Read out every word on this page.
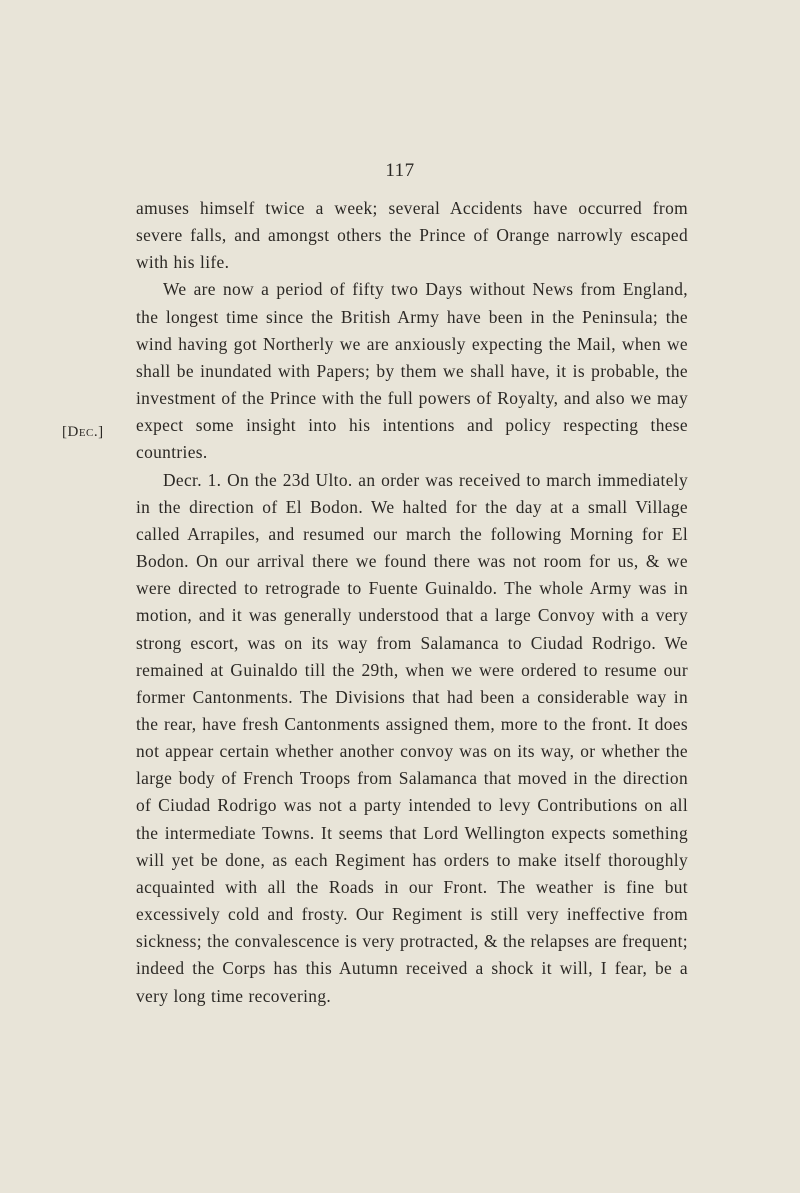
117
[Dec.]

amuses himself twice a week; several Accidents have occurred from severe falls, and amongst others the Prince of Orange narrowly escaped with his life.

We are now a period of fifty two Days without News from England, the longest time since the British Army have been in the Peninsula; the wind having got Northerly we are anxiously expecting the Mail, when we shall be inundated with Papers; by them we shall have, it is probable, the investment of the Prince with the full powers of Royalty, and also we may expect some insight into his intentions and policy respecting these countries.

Decr. 1. On the 23d Ulto. an order was received to march immediately in the direction of El Bodon. We halted for the day at a small Village called Arrapiles, and resumed our march the following Morning for El Bodon. On our arrival there we found there was not room for us, & we were directed to retrograde to Fuente Guinaldo. The whole Army was in motion, and it was generally understood that a large Convoy with a very strong escort, was on its way from Salamanca to Ciudad Rodrigo. We remained at Guinaldo till the 29th, when we were ordered to resume our former Cantonments. The Divisions that had been a considerable way in the rear, have fresh Cantonments assigned them, more to the front. It does not appear certain whether another convoy was on its way, or whether the large body of French Troops from Salamanca that moved in the direction of Ciudad Rodrigo was not a party intended to levy Contributions on all the intermediate Towns. It seems that Lord Wellington expects something will yet be done, as each Regiment has orders to make itself thoroughly acquainted with all the Roads in our Front. The weather is fine but excessively cold and frosty. Our Regiment is still very ineffective from sickness; the convalescence is very protracted, & the relapses are frequent; indeed the Corps has this Autumn received a shock it will, I fear, be a very long time recovering.
